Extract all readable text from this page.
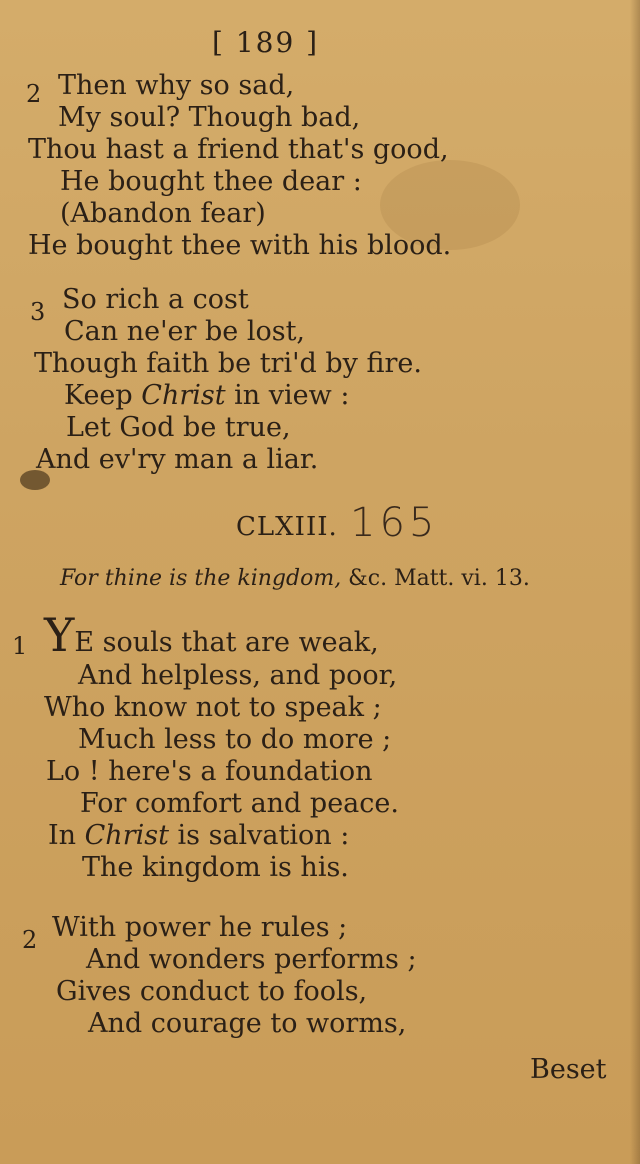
[ 189 ]
2 Then why so sad,
My soul? Though bad,
Thou hast a friend that's good,
He bought thee dear :
(Abandon fear)
He bought thee with his blood.
3 So rich a cost
Can ne'er be lost,
Though faith be tri'd by fire.
Keep Christ in view :
Let God be true,
And ev'ry man a liar.
CLXIII. 165
For thine is the kingdom, &c. Matt. vi. 13.
1 YE souls that are weak,
And helpless, and poor,
Who know not to speak ;
Much less to do more ;
Lo ! here's a foundation
For comfort and peace.
In Christ is salvation :
The kingdom is his.
2 With power he rules ;
And wonders performs ;
Gives conduct to fools,
And courage to worms,
Beset
